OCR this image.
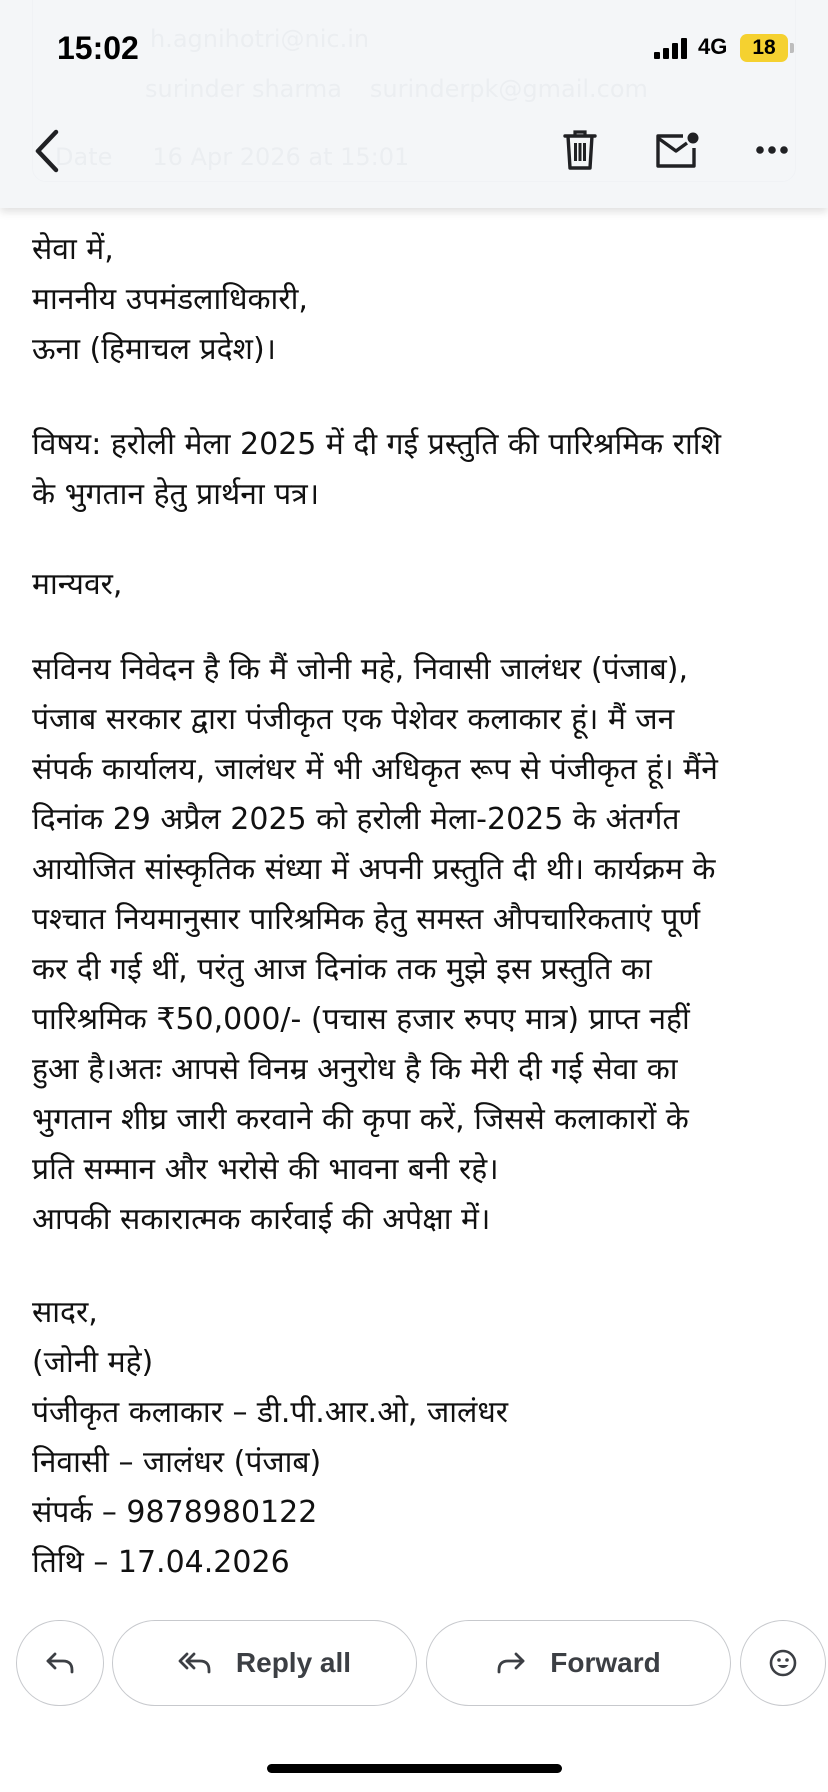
15:02	4G	18
सेवा में,
माननीय उपमंडलाधिकारी,
ऊना (हिमाचल प्रदेश)।
विषय: हरोली मेला 2025 में दी गई प्रस्तुति की पारिश्रमिक राशि
के भुगतान हेतु प्रार्थना पत्र।
मान्यवर,
सविनय निवेदन है कि मैं जोनी महे, निवासी जालंधर (पंजाब),
पंजाब सरकार द्वारा पंजीकृत एक पेशेवर कलाकार हूं। मैं जन
संपर्क कार्यालय, जालंधर में भी अधिकृत रूप से पंजीकृत हूं। मैंने
दिनांक 29 अप्रैल 2025 को हरोली मेला-2025 के अंतर्गत
आयोजित सांस्कृतिक संध्या में अपनी प्रस्तुति दी थी। कार्यक्रम के
पश्चात नियमानुसार पारिश्रमिक हेतु समस्त औपचारिकताएं पूर्ण
कर दी गई थीं, परंतु आज दिनांक तक मुझे इस प्रस्तुति का
पारिश्रमिक ₹50,000/- (पचास हजार रुपए मात्र) प्राप्त नहीं
हुआ है।अतः आपसे विनम्र अनुरोध है कि मेरी दी गई सेवा का
भुगतान शीघ्र जारी करवाने की कृपा करें, जिससे कलाकारों के
प्रति सम्मान और भरोसे की भावना बनी रहे।
आपकी सकारात्मक कार्रवाई की अपेक्षा में।
सादर,
(जोनी महे)
पंजीकृत कलाकार – डी.पी.आर.ओ, जालंधर
निवासी – जालंधर (पंजाब)
संपर्क – 9878980122
तिथि – 17.04.2026
Reply all	Forward
